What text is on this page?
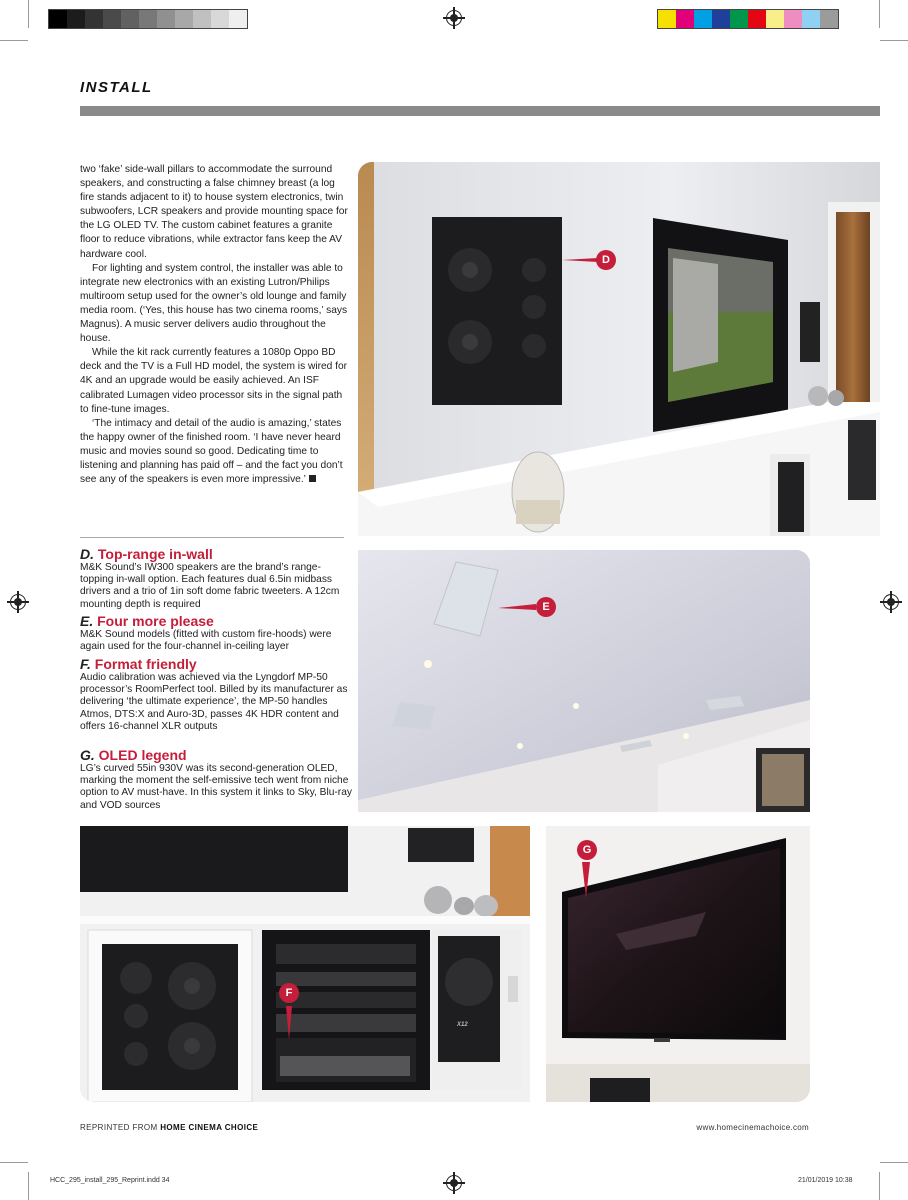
INSTALL

two ‘fake’ side-wall pillars to accommodate the surround speakers, and constructing a false chimney breast (a log fire stands adjacent to it) to house system electronics, twin subwoofers, LCR speakers and provide mounting space for the LG OLED TV. The custom cabinet features a granite floor to reduce vibrations, while extractor fans keep the AV hardware cool.

For lighting and system control, the installer was able to integrate new electronics with an existing Lutron/Philips multiroom setup used for the owner’s old lounge and family media room. (‘Yes, this house has two cinema rooms,’ says Magnus). A music server delivers audio throughout the house.

While the kit rack currently features a 1080p Oppo BD deck and the TV is a Full HD model, the system is wired for 4K and an upgrade would be easily achieved. An ISF calibrated Lumagen video processor sits in the signal path to fine-tune images.

‘The intimacy and detail of the audio is amazing,’ states the happy owner of the finished room. ‘I have never heard music and movies sound so good. Dedicating time to listening and planning has paid off – and the fact you don’t see any of the speakers is even more impressive.’

D. Top-range in-wall
M&K Sound’s IW300 speakers are the brand’s range-topping in-wall option. Each features dual 6.5in midbass drivers and a trio of 1in soft dome fabric tweeters. A 12cm mounting depth is required
E. Four more please
M&K Sound models (fitted with custom fire-hoods) were again used for the four-channel in-ceiling layer
F. Format friendly
Audio calibration was achieved via the Lyngdorf MP-50 processor’s RoomPerfect tool. Billed by its manufacturer as delivering ‘the ultimate experience’, the MP-50 handles Atmos, DTS:X and Auro-3D, passes 4K HDR content and offers 16-channel XLR outputs
G. OLED legend
LG’s curved 55in 930V was its second-generation OLED, marking the moment the self-emissive tech went from niche option to AV must-have. In this system it links to Sky, Blu-ray and VOD sources
D
E
F
X12
G
REPRINTED FROM HOME CINEMA CHOICE	www.homecinemachoice.com
HCC_295_install_295_Reprint.indd 34	21/01/2019 10:38
